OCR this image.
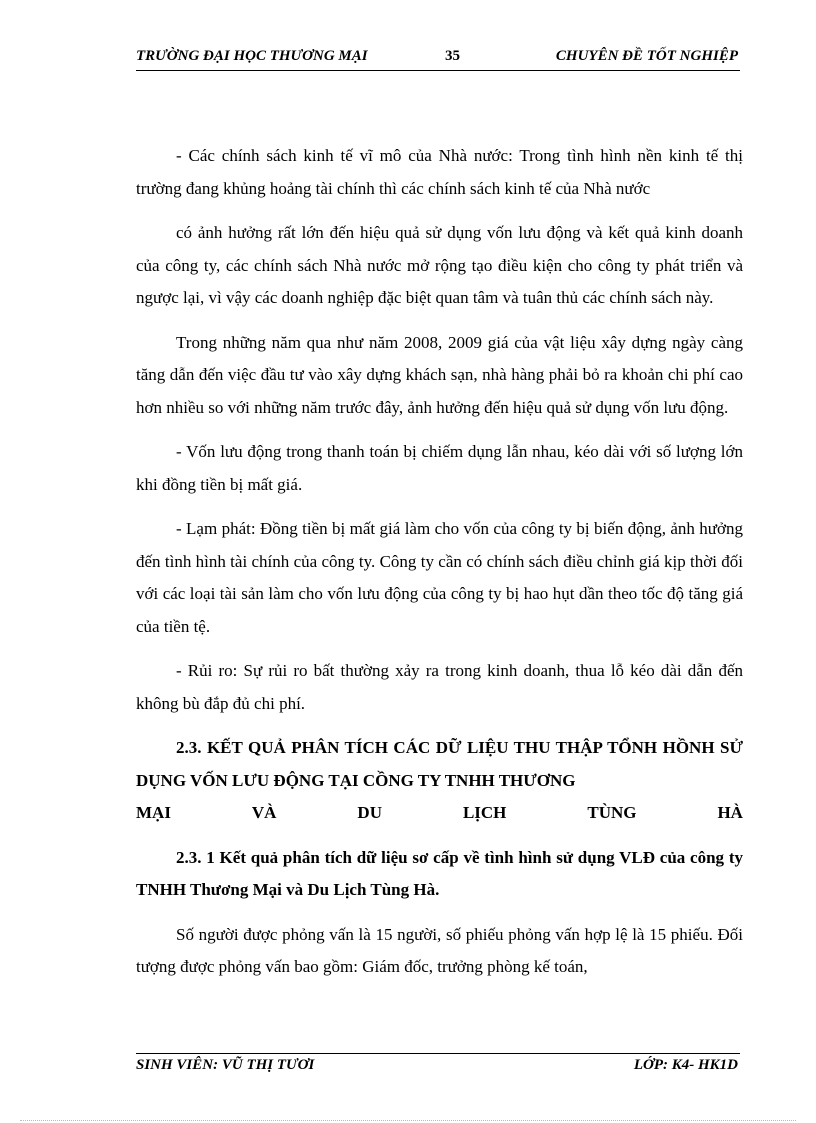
TRƯỜNG ĐẠI HỌC THƯƠNG MẠI	35	CHUYÊN ĐỀ TỐT NGHIỆP

- Các chính sách kinh tế vĩ mô của Nhà nước: Trong tình hình nền kinh tế thị trường đang khủng hoảng tài chính thì các chính sách kinh tế của Nhà nước

có ảnh hưởng rất lớn đến hiệu quả sử dụng vốn lưu động và kết quả kinh doanh của công ty, các chính sách Nhà nước mở rộng tạo điều kiện cho công ty phát triển và ngược lại, vì vậy các doanh nghiệp đặc biệt quan tâm và tuân thủ các chính sách này.

Trong những năm qua như năm 2008, 2009 giá của vật liệu xây dựng ngày càng tăng dẫn đến việc đầu tư vào xây dựng khách sạn, nhà hàng phải bỏ ra khoản chi phí cao hơn nhiều so với những năm trước đây, ảnh hưởng đến hiệu quả sử dụng vốn lưu động.

- Vốn lưu động trong thanh toán bị chiếm dụng lẫn nhau, kéo dài với số lượng lớn khi đồng tiền bị mất giá.

- Lạm phát: Đồng tiền bị mất giá làm cho vốn của công ty bị biến động, ảnh hưởng đến tình hình tài chính của công ty. Công ty cần có chính sách điều chỉnh giá kịp thời đối với các loại tài sản làm cho vốn lưu động của công ty bị hao hụt dần theo tốc độ tăng giá của tiền tệ.

- Rủi ro: Sự rủi ro bất thường xảy ra trong kinh doanh, thua lỗ kéo dài dẫn đến không bù đắp đủ chi phí.

2.3. KẾT QUẢ PHÂN TÍCH CÁC DỮ LIỆU THU THẬP TỔNH HỒNH SỬ DỤNG VỐN LƯU ĐỘNG TẠI CỒNG TY TNHH THƯƠNG

MẠI	VÀ	DU	LỊCH	TÙNG	HÀ

2.3. 1 Kết quả phân tích dữ liệu sơ cấp về tình hình sử dụng VLĐ của công ty TNHH Thương Mại và Du Lịch Tùng Hà.

Số người được phỏng vấn là 15 người, số phiếu phỏng vấn hợp lệ là 15 phiếu. Đối tượng được phỏng vấn bao gồm: Giám đốc, trưởng phòng kế toán,

SINH VIÊN: VŨ THỊ TƯƠI	LỚP: K4- HK1D
